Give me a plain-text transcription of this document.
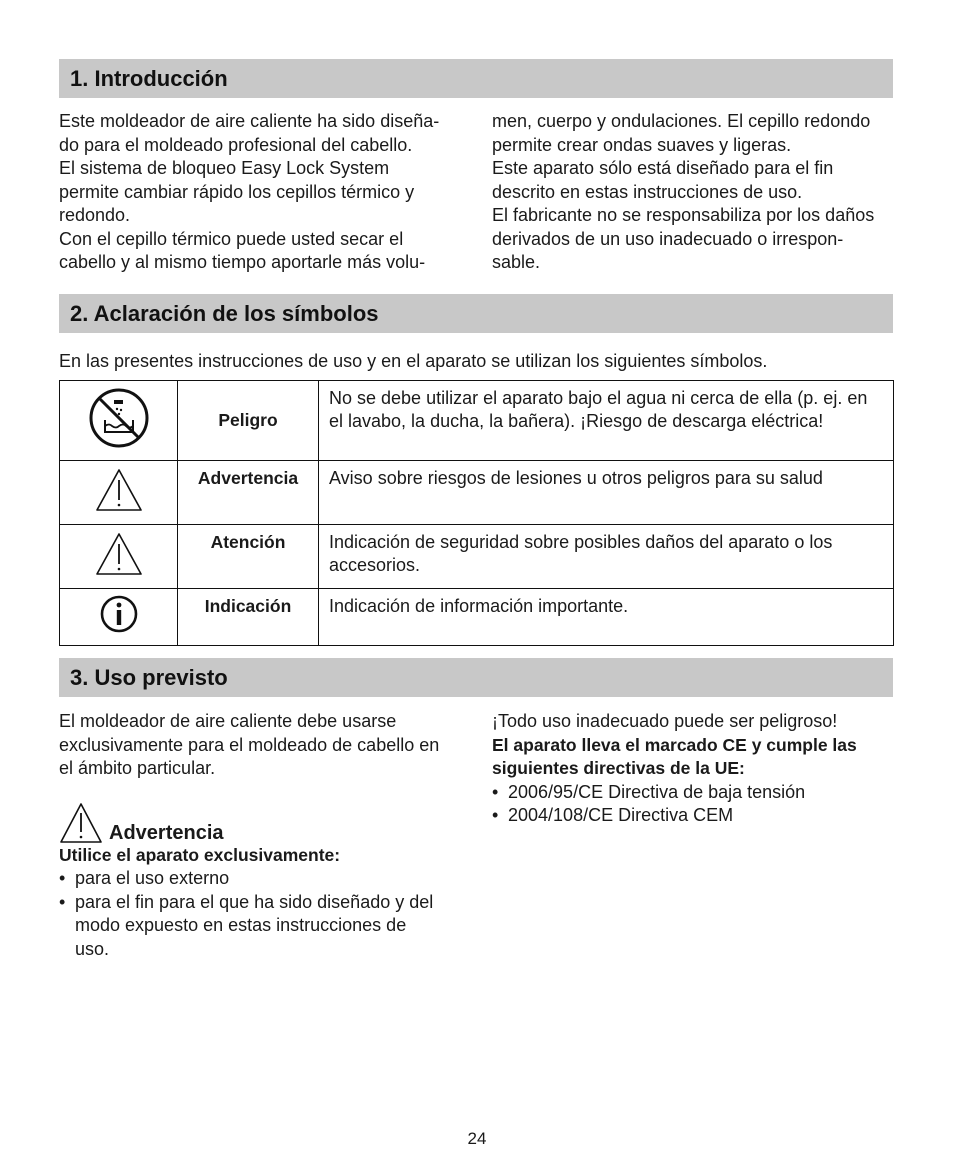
1. Introducción

Este moldeador de aire caliente ha sido diseña-

do para el moldeado profesional del cabello.

El sistema de bloqueo Easy Lock System

permite cambiar rápido los cepillos térmico y

redondo.

Con el cepillo térmico puede usted secar el

cabello y al mismo tiempo aportarle más volu-

men, cuerpo y ondulaciones. El cepillo redondo

permite crear ondas suaves y ligeras.

Este aparato sólo está diseñado para el fin

descrito en estas instrucciones de uso.

El fabricante no se responsabiliza por los daños

derivados de un uso inadecuado o irrespon-

sable.

2. Aclaración de los símbolos
En las presentes instrucciones de uso y en el aparato se utilizan los siguientes símbolos.
	Peligro	No se debe utilizar el aparato bajo el agua ni cerca de ella (p. ej. en
el lavabo, la ducha, la bañera). ¡Riesgo de descarga eléctrica!

	Advertencia	Aviso sobre riesgos de lesiones u otros peligros para su salud

	Atención	Indicación de seguridad sobre posibles daños del aparato o los
accesorios.

	Indicación	Indicación de información importante.
3. Uso previsto

El moldeador de aire caliente debe usarse

exclusivamente para el moldeado de cabello en

el ámbito particular.

Advertencia

Utilice el aparato exclusivamente:

• para el uso externo
• para el fin para el que ha sido diseñado y del
modo expuesto en estas instrucciones de
uso.

¡Todo uso inadecuado puede ser peligroso!

El aparato lleva el marcado CE y cumple las

siguientes directivas de la UE:

• 2006/95/CE Directiva de baja tensión
• 2004/108/CE Directiva CEM
24
